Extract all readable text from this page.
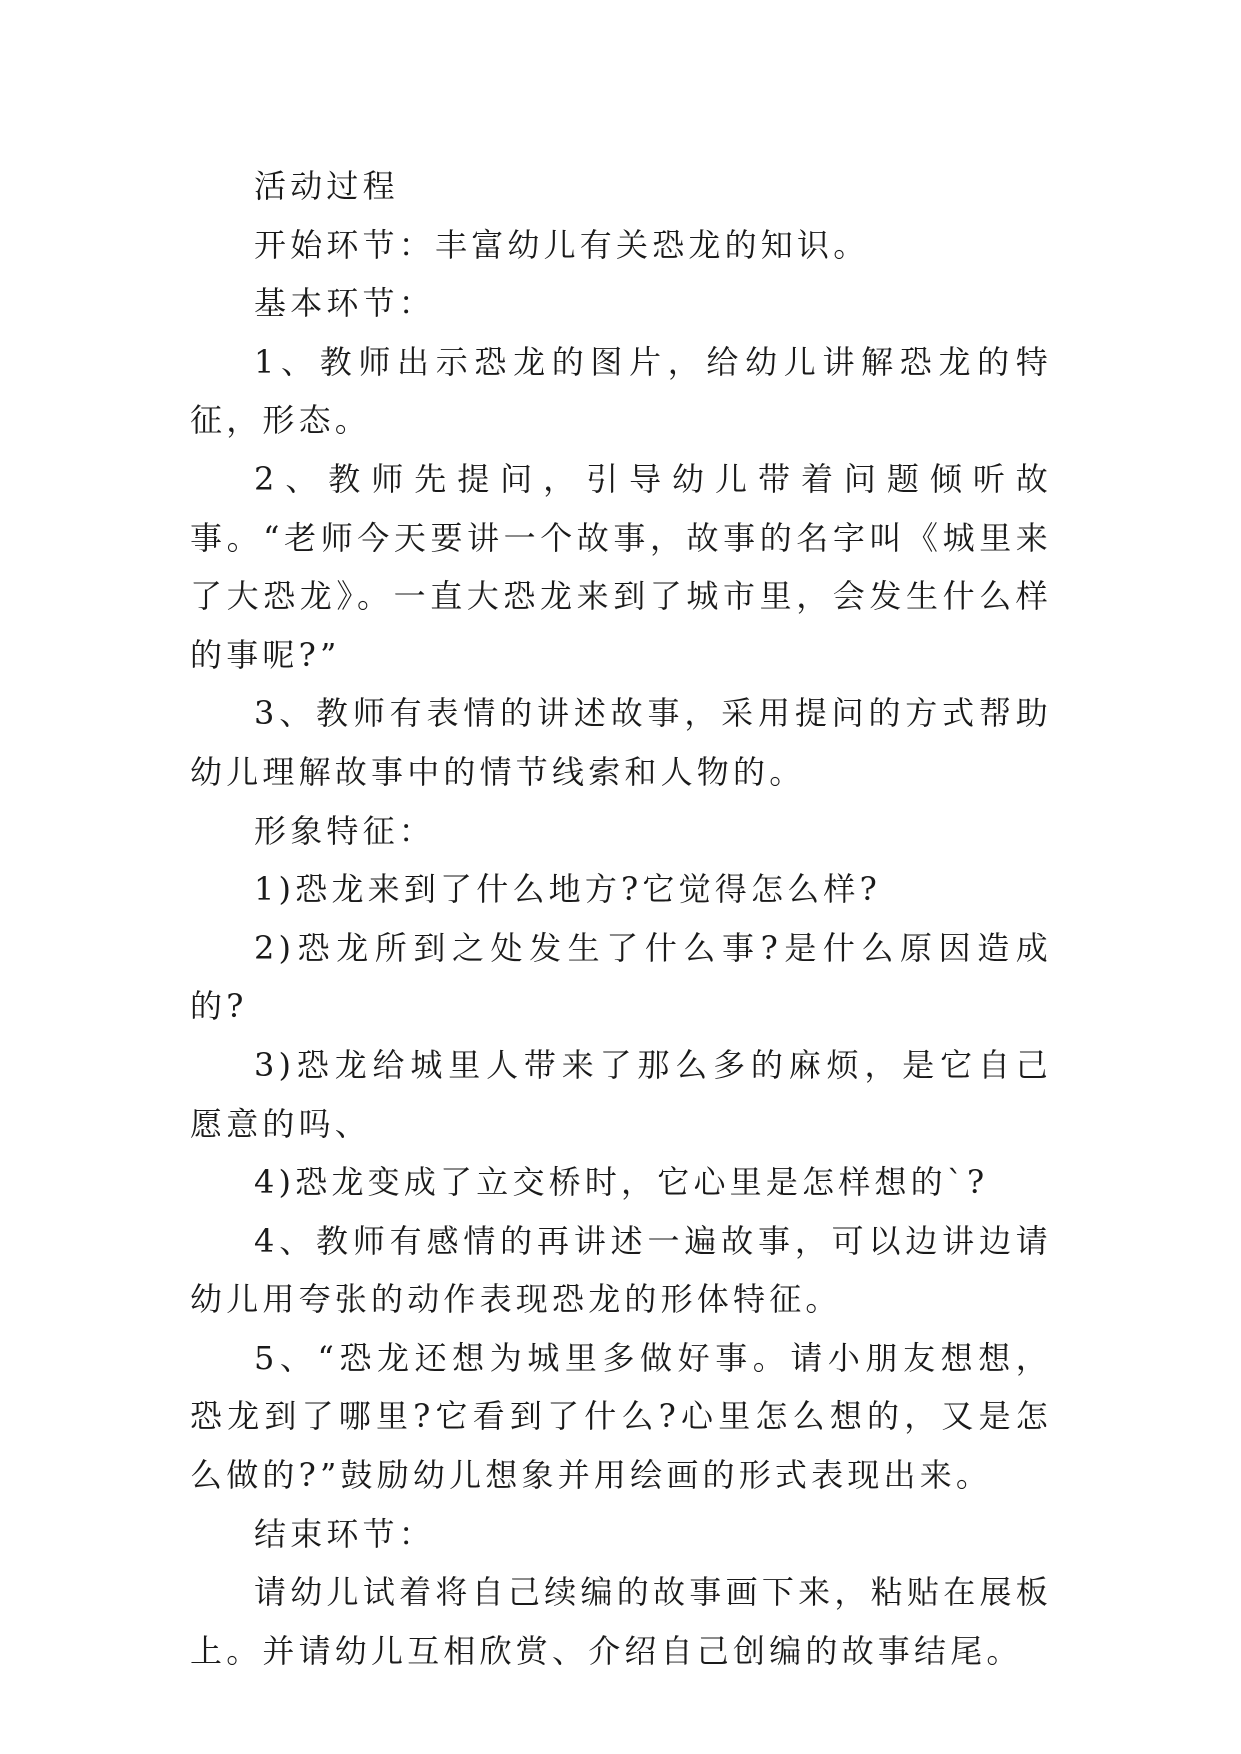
活动过程

开始环节：丰富幼儿有关恐龙的知识。

基本环节：

1、教师出示恐龙的图片，给幼儿讲解恐龙的特征，形态。

2、教师先提问，引导幼儿带着问题倾听故事。“老师今天要讲一个故事，故事的名字叫《城里来了大恐龙》。一直大恐龙来到了城市里，会发生什么样的事呢?”

3、教师有表情的讲述故事，采用提问的方式帮助幼儿理解故事中的情节线索和人物的。

形象特征：

1)恐龙来到了什么地方?它觉得怎么样?

2)恐龙所到之处发生了什么事?是什么原因造成的?

3)恐龙给城里人带来了那么多的麻烦，是它自己愿意的吗、

4)恐龙变成了立交桥时，它心里是怎样想的`?

4、教师有感情的再讲述一遍故事，可以边讲边请幼儿用夸张的动作表现恐龙的形体特征。

5、“恐龙还想为城里多做好事。请小朋友想想，恐龙到了哪里?它看到了什么?心里怎么想的，又是怎么做的?”鼓励幼儿想象并用绘画的形式表现出来。

结束环节：

请幼儿试着将自己续编的故事画下来，粘贴在展板上。并请幼儿互相欣赏、介绍自己创编的故事结尾。
